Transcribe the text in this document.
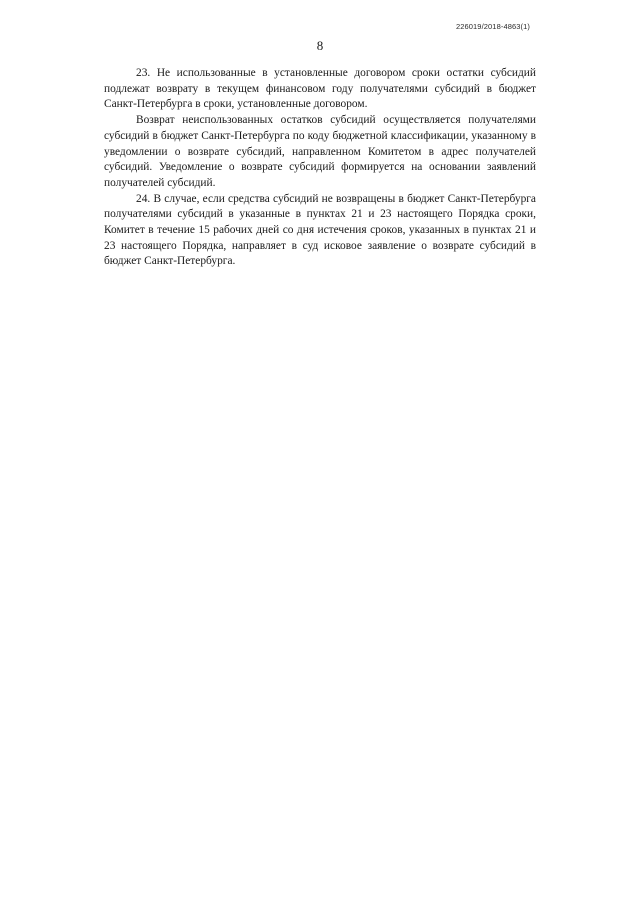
226019/2018-4863(1)
8

23. Не использованные в установленные договором сроки остатки субсидий подлежат возврату в текущем финансовом году получателями субсидий в бюджет Санкт-Петербурга в сроки, установленные договором.

Возврат неиспользованных остатков субсидий осуществляется получателями субсидий в бюджет Санкт-Петербурга по коду бюджетной классификации, указанному в уведомлении о возврате субсидий, направленном Комитетом в адрес получателей субсидий. Уведомление о возврате субсидий формируется на основании заявлений получателей субсидий.

24. В случае, если средства субсидий не возвращены в бюджет Санкт-Петербурга получателями субсидий в указанные в пунктах 21 и 23 настоящего Порядка сроки, Комитет в течение 15 рабочих дней со дня истечения сроков, указанных в пунктах 21 и 23 настоящего Порядка, направляет в суд исковое заявление о возврате субсидий в бюджет Санкт-Петербурга.
